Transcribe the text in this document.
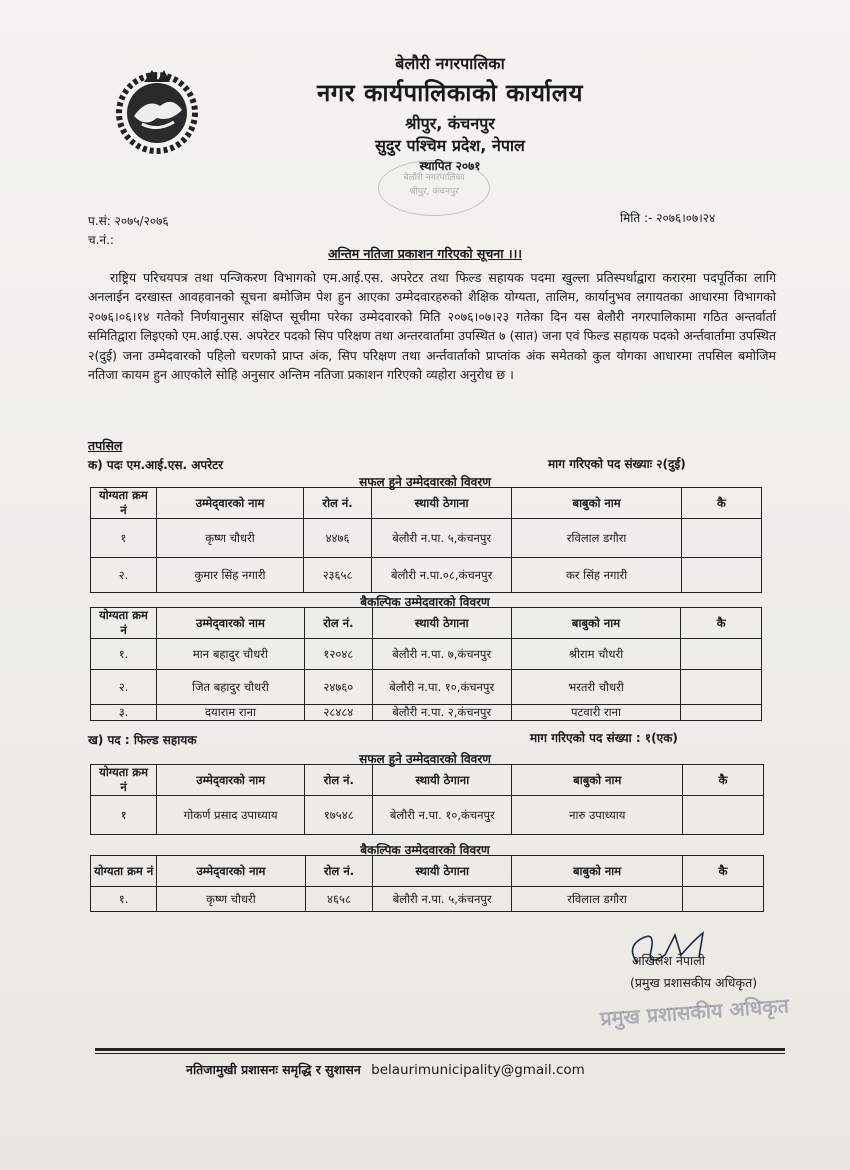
बेलौरी नगरपालिका
नगर कार्यपालिकाको कार्यालय
श्रीपुर, कंचनपुर
सुदुर पश्चिम प्रदेश, नेपाल
स्थापित २०७१
बेलौरी नगरपालिका
श्रीपुर, कंचनपुर
प.सं: २०७५/२०७६
च.नं.:
मिति :- २०७६।०७।२४
अन्तिम नतिजा प्रकाशन गरिएको सूचना ।।।
राष्ट्रिय परिचयपत्र तथा पन्जिकरण विभागको एम.आई.एस. अपरेटर तथा फिल्ड सहायक पदमा खुल्ला प्रतिस्पर्धाद्वारा करारमा पदपूर्तिका लागि अनलाईन दरखास्त आवहवानको सूचना बमोजिम पेश हुन आएका उम्मेदवारहरुको शैक्षिक योग्यता, तालिम, कार्यानुभव लगायतका आधारमा विभागको २०७६।०६।१४ गतेको निर्णयानुसार संक्षिप्त सूचीमा परेका उम्मेदवारको मिति २०७६।०७।२३ गतेका दिन यस बेलौरी नगरपालिकामा गठित अन्तर्वार्ता समितिद्वारा लिइएको एम.आई.एस. अपरेटर पदको सिप परिक्षण तथा अन्तरवार्तामा उपस्थित ७ (सात) जना एवं फिल्ड सहायक पदको अर्न्तवार्तामा उपस्थित २(दुई) जना उम्मेदवारको पहिलो चरणको प्राप्त अंक, सिप परिक्षण तथा अर्न्तवार्ताको प्राप्तांक अंक समेतको कुल योगका आधारमा तपसिल बमोजिम नतिजा कायम हुन आएकोले सोहि अनुसार अन्तिम नतिजा प्रकाशन गरिएको व्यहोरा अनुरोध छ ।
तपसिल
क) पदः एम.आई.एस. अपरेटर	माग गरिएको पद संख्याः २(दुई)
सफल हुने उम्मेदवारको विवरण
योग्यता क्रम नं	उम्मेद्‌वारको नाम	रोल नं.	स्थायी ठेगाना	बाबुको नाम	कै
१	कृष्ण चौधरी	४४७६	बेलौरी न.पा. ५,कंचनपुर	रविलाल डगौरा	
२.	कुमार सिंह नगारी	२३६५८	बेलौरी न.पा.०८,कंचनपुर	कर सिंह नगारी	
बैकल्पिक उम्मेदवारको विवरण
योग्यता क्रम नं	उम्मेद्‌वारको नाम	रोल नं.	स्थायी ठेगाना	बाबुको नाम	कै
१.	मान बहादुर चौधरी	१२०४८	बेलौरी न.पा. ७,कंचनपुर	श्रीराम चौधरी	
२.	जित बहादुर चौधरी	२४७६०	बेलौरी न.पा. १०,कंचनपुर	भरतरी चौधरी	
३.	दयाराम राना	२८४८४	बेलौरी न.पा. २,कंचनपुर	पटवारी राना	
ख) पद : फिल्ड सहायक	माग गरिएको पद संख्या : १(एक)
सफल हुने उम्मेदवारको विवरण
योग्यता क्रम नं	उम्मेद्‌वारको नाम	रोल नं.	स्थायी ठेगाना	बाबुको नाम	कै
१	गोकर्ण प्रसाद उपाध्याय	१७५४८	बेलौरी न.पा. १०,कंचनपुर	नारु उपाध्याय	
बैकल्पिक उम्मेदवारको विवरण
योग्यता क्रम नं	उम्मेद्‌वारको नाम	रोल नं.	स्थायी ठेगाना	बाबुको नाम	कै
१.	कृष्ण चौधरी	४६५८	बेलौरी न.पा. ५,कंचनपुर	रविलाल डगौरा	
अखिलेश नेपाली
(प्रमुख प्रशासकीय अधिकृत)
प्रमुख प्रशासकीय अधिकृत
नतिजामुखी प्रशासनः समृद्धि र सुशासन belaurimunicipality@gmail.com
